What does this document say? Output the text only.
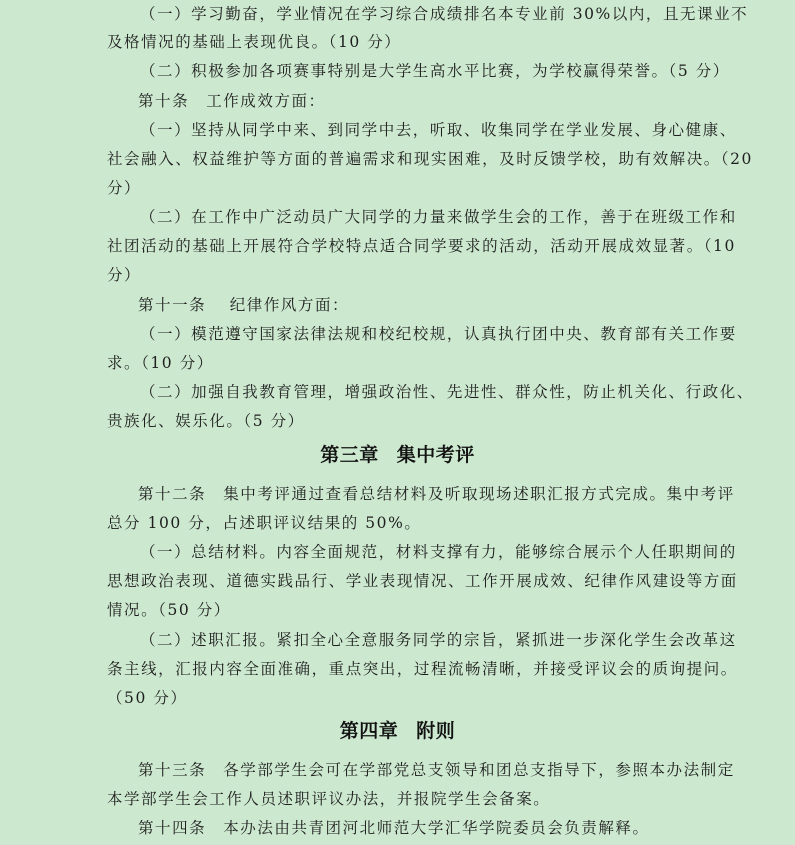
（一）学习勤奋，学业情况在学习综合成绩排名本专业前 30%以内，且无课业不
及格情况的基础上表现优良。（10 分）
（二）积极参加各项赛事特别是大学生高水平比赛，为学校赢得荣誉。（5 分）
第十条　工作成效方面：
（一）坚持从同学中来、到同学中去，听取、收集同学在学业发展、身心健康、
社会融入、权益维护等方面的普遍需求和现实困难，及时反馈学校，助有效解决。（20
分）
（二）在工作中广泛动员广大同学的力量来做学生会的工作，善于在班级工作和
社团活动的基础上开展符合学校特点适合同学要求的活动，活动开展成效显著。（10
分）
第十一条　 纪律作风方面：
（一）模范遵守国家法律法规和校纪校规，认真执行团中央、教育部有关工作要
求。（10 分）
（二）加强自我教育管理，增强政治性、先进性、群众性，防止机关化、行政化、
贵族化、娱乐化。（5 分）
第三章 集中考评
第十二条　集中考评通过查看总结材料及听取现场述职汇报方式完成。集中考评
总分 100 分，占述职评议结果的 50%。
（一）总结材料。内容全面规范，材料支撑有力，能够综合展示个人任职期间的
思想政治表现、道德实践品行、学业表现情况、工作开展成效、纪律作风建设等方面
情况。（50 分）
（二）述职汇报。紧扣全心全意服务同学的宗旨，紧抓进一步深化学生会改革这
条主线，汇报内容全面准确，重点突出，过程流畅清晰，并接受评议会的质询提问。
（50 分）
第四章 附则
第十三条　各学部学生会可在学部党总支领导和团总支指导下，参照本办法制定
本学部学生会工作人员述职评议办法，并报院学生会备案。
第十四条　本办法由共青团河北师范大学汇华学院委员会负责解释。
